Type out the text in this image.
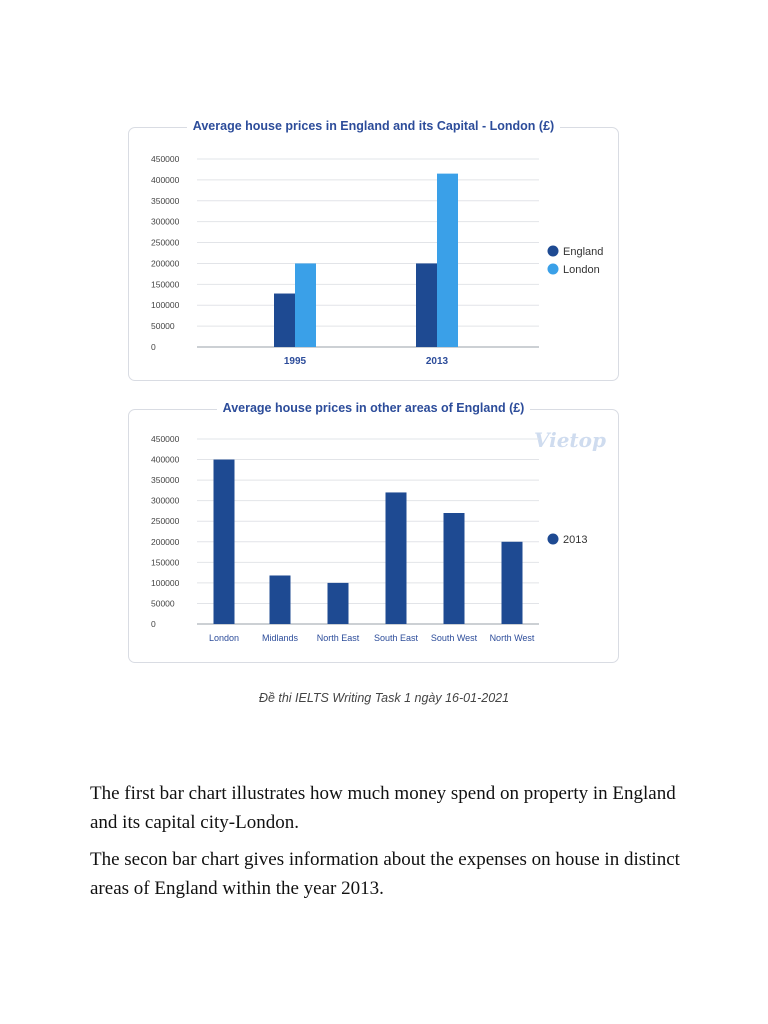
Average house prices in England and its Capital - London (£)
450000
400000
350000
300000
250000
200000
150000
100000
50000
0
1995	2013
England
London
Average house prices in other areas of England (£)
Vietop
450000
400000
350000
300000
250000
200000
150000
100000
50000
0
London	Midlands North East South East South West North West
2013
Đề thi IELTS Writing Task 1 ngày 16-01-2021

The first bar chart illustrates how much money spend on property in England and its capital city-London.

The secon bar chart gives information about the expenses on house in distinct areas of England within the year 2013.
